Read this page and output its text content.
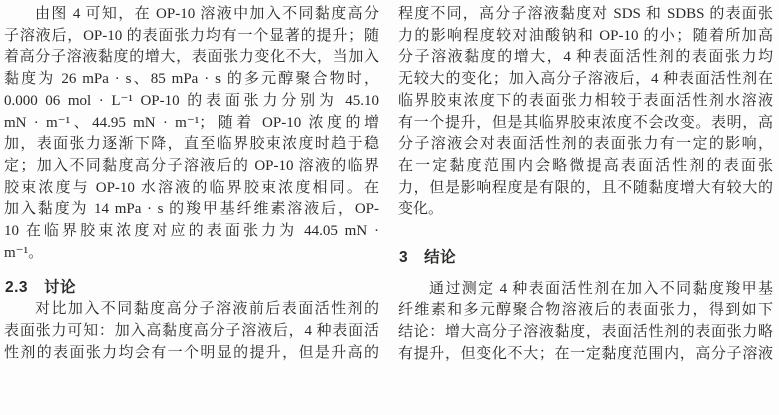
由图 4 可知，在 OP-10 溶液中加入不同黏度高分
子溶液后，OP-10 的表面张力均有一个显著的提升；随
着高分子溶液黏度的增大，表面张力变化不大，当加入
黏度为 26 mPa · s、85 mPa · s 的多元醇聚合物时，
0.000 06 mol · L⁻¹ OP-10 的表面张力分别为 45.10
mN · m⁻¹、44.95 mN · m⁻¹；随着 OP-10 浓度的增
加，表面张力逐渐下降，直至临界胶束浓度时趋于稳
定；加入不同黏度高分子溶液后的 OP-10 溶液的临界
胶束浓度与 OP-10 水溶液的临界胶束浓度相同。在
加入黏度为 14 mPa · s 的羧甲基纤维素溶液后，OP-
10 在临界胶束浓度对应的表面张力为 44.05 mN ·
m⁻¹。
2.3　讨论
对比加入不同黏度高分子溶液前后表面活性剂的
表面张力可知：加入高黏度高分子溶液后，4 种表面活
性剂的表面张力均会有一个明显的提升，但是升高的
程度不同，高分子溶液黏度对 SDS 和 SDBS 的表面张
力的影响程度较对油酸钠和 OP-10 的小；随着所加高
分子溶液黏度的增大，4 种表面活性剂的表面张力均
无较大的变化；加入高分子溶液后，4 种表面活性剂在
临界胶束浓度下的表面张力相较于表面活性剂水溶液
有一个提升，但是其临界胶束浓度不会改变。表明，高
分子溶液会对表面活性剂的表面张力有一定的影响，
在一定黏度范围内会略微提高表面活性剂的表面张
力，但是影响程度是有限的，且不随黏度增大有较大的
变化。
3　结论
通过测定 4 种表面活性剂在加入不同黏度羧甲基
纤维素和多元醇聚合物溶液后的表面张力，得到如下
结论：增大高分子溶液黏度，表面活性剂的表面张力略
有提升，但变化不大；在一定黏度范围内，高分子溶液
